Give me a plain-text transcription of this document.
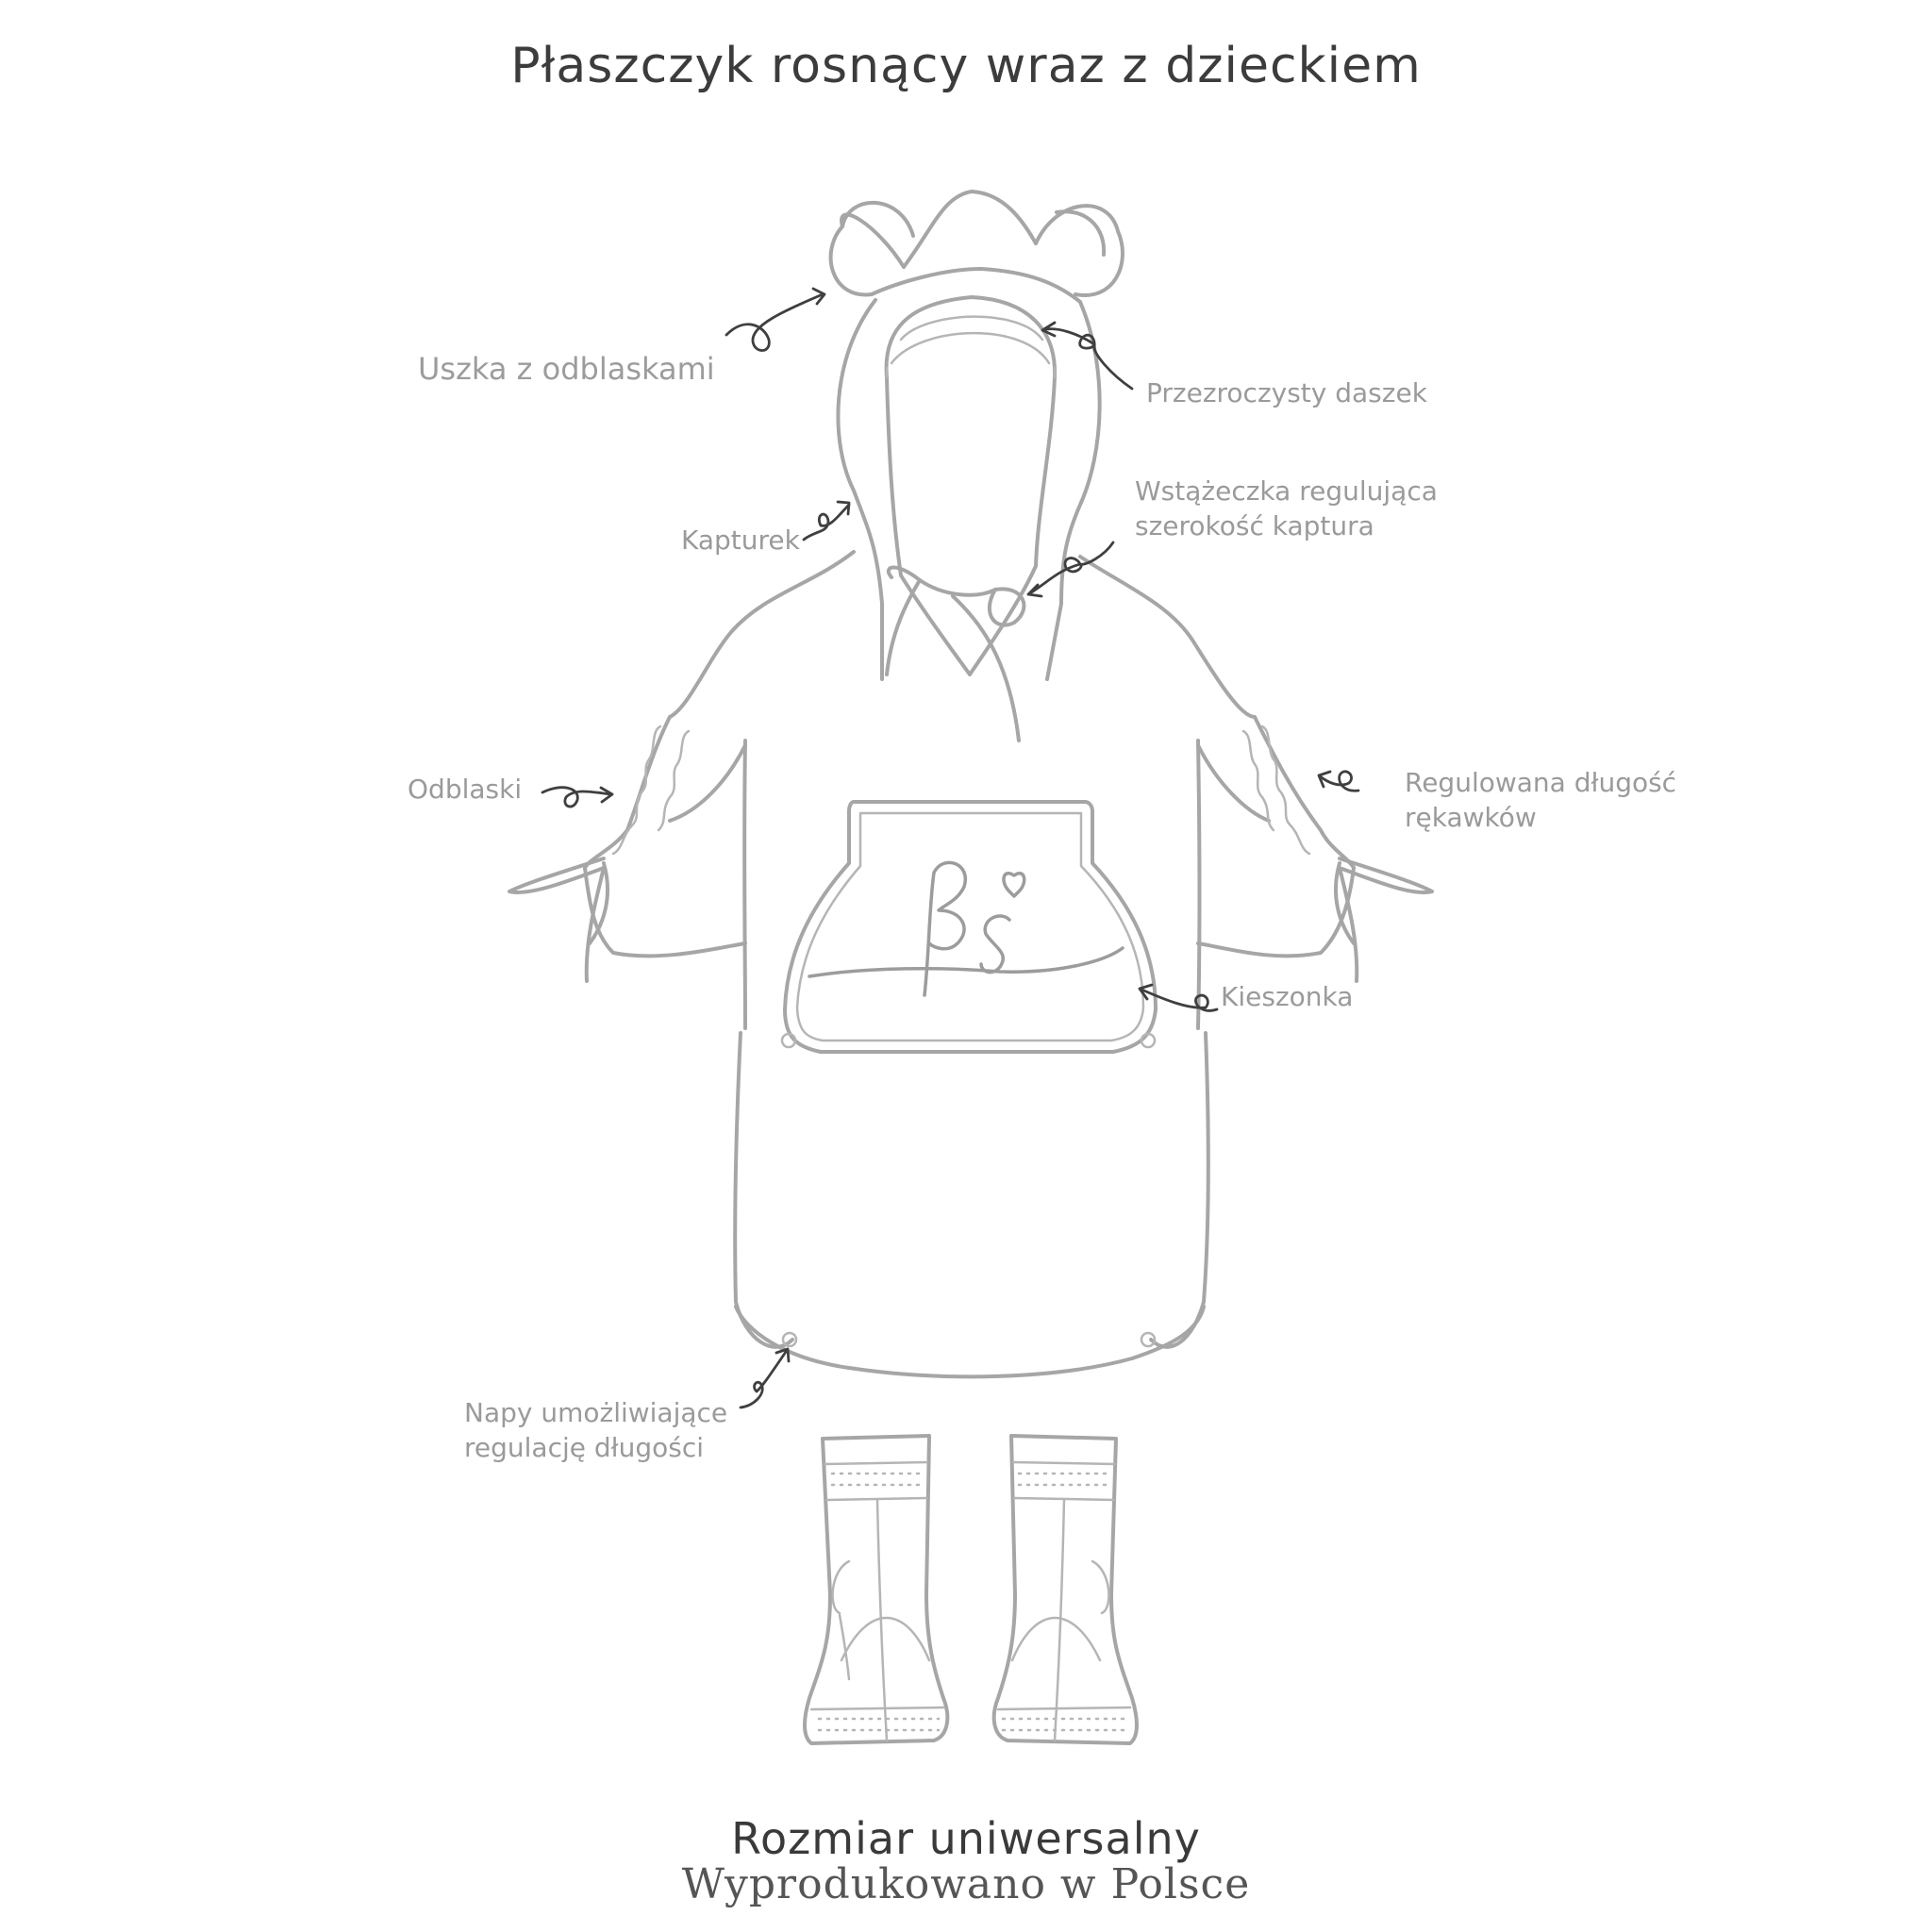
Płaszczyk rosnący wraz z dzieckiem
Uszka z odblaskami
Przezroczysty daszek
Kapturek
Wstążeczka regulująca
szerokość kaptura
Odblaski	Regulowana długość
rękawków
Kieszonka
Napy umożliwiające
regulację długości
Rozmiar uniwersalny
Wyprodukowano w Polsce
